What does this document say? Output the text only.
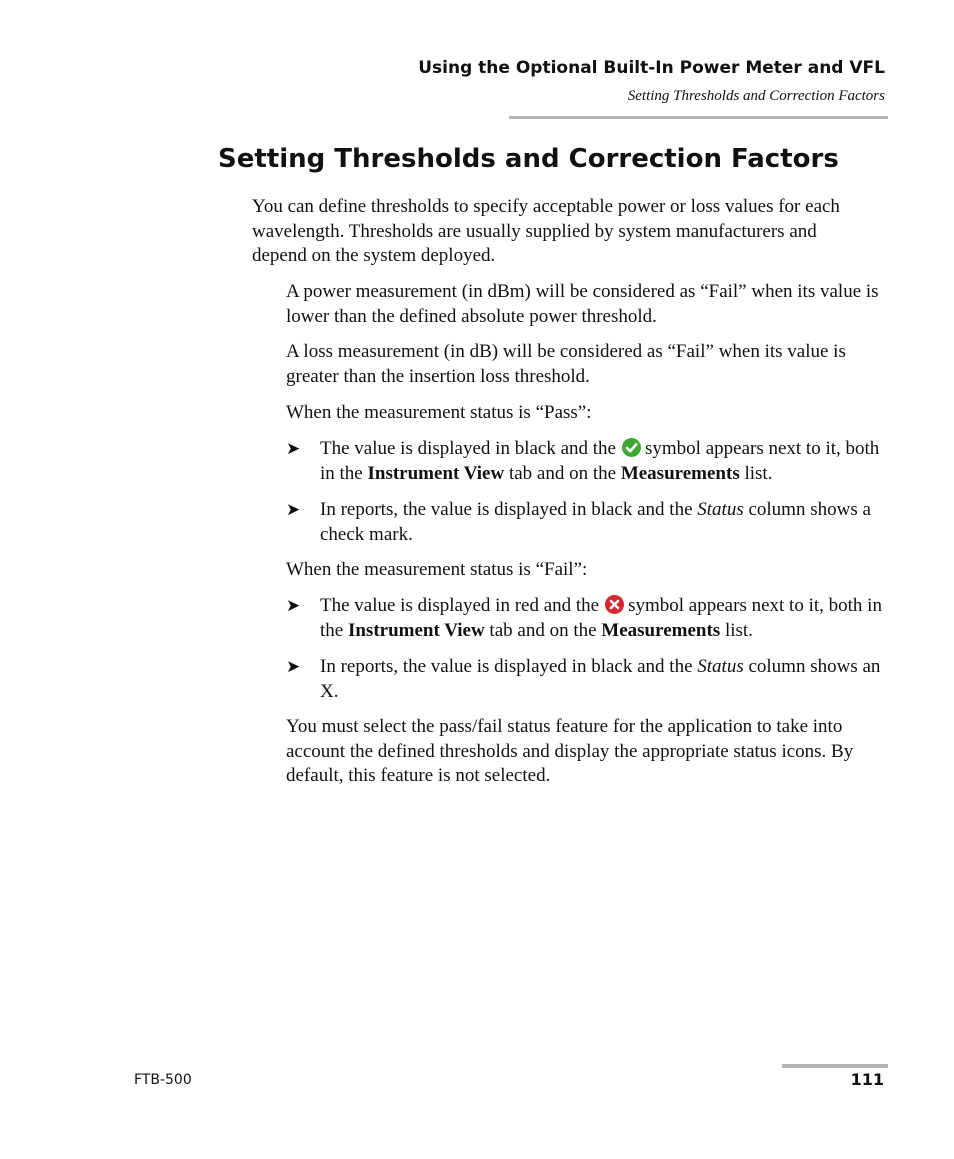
Using the Optional Built-In Power Meter and VFL
Setting Thresholds and Correction Factors
Setting Thresholds and Correction Factors

You can define thresholds to specify acceptable power or loss values for each wavelength. Thresholds are usually supplied by system manufacturers and depend on the system deployed.

A power measurement (in dBm) will be considered as “Fail” when its value is lower than the defined absolute power threshold.

A loss measurement (in dB) will be considered as “Fail” when its value is greater than the insertion loss threshold.

When the measurement status is “Pass”:

➤ The value is displayed in black and the symbol appears next to it, both in the Instrument View tab and on the Measurements list.

➤ In reports, the value is displayed in black and the Status column shows a check mark.

When the measurement status is “Fail”:

➤ The value is displayed in red and the symbol appears next to it, both in the Instrument View tab and on the Measurements list.

➤ In reports, the value is displayed in black and the Status column shows an X.

You must select the pass/fail status feature for the application to take into account the defined thresholds and display the appropriate status icons. By default, this feature is not selected.

FTB-500	111
